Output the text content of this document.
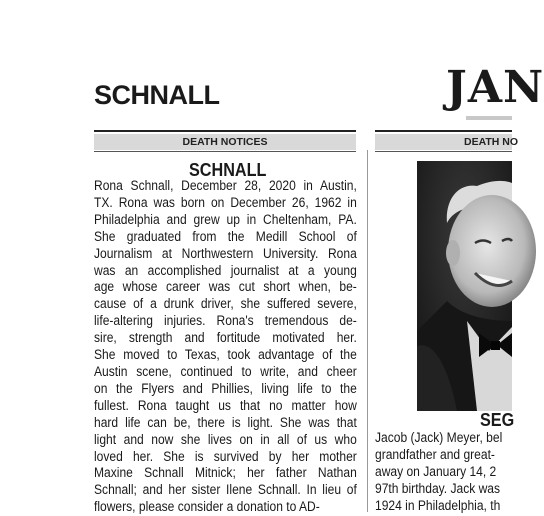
SCHNALL	JAN
DEATH NOTICES
SCHNALL
Rona Schnall, December 28, 2020 in Austin,
TX. Rona was born on December 26, 1962 in
Philadelphia and grew up in Cheltenham, PA.
She graduated from the Medill School of
Journalism at Northwestern University. Rona
was an accomplished journalist at a young
age whose career was cut short when, be-
cause of a drunk driver, she suffered severe,
life-altering injuries. Rona's tremendous de-
sire, strength and fortitude motivated her.
She moved to Texas, took advantage of the
Austin scene, continued to write, and cheer
on the Flyers and Phillies, living life to the
fullest. Rona taught us that no matter how
hard life can be, there is light. She was that
light and now she lives on in all of us who
loved her. She is survived by her mother
Maxine Schnall Mitnick; her father Nathan
Schnall; and her sister Ilene Schnall. In lieu of
flowers, please consider a donation to AD-
DEATH NO
SEG
Jacob (Jack) Meyer, bel
grandfather and great-
away on January 14, 2
97th birthday. Jack was
1924 in Philadelphia, th
